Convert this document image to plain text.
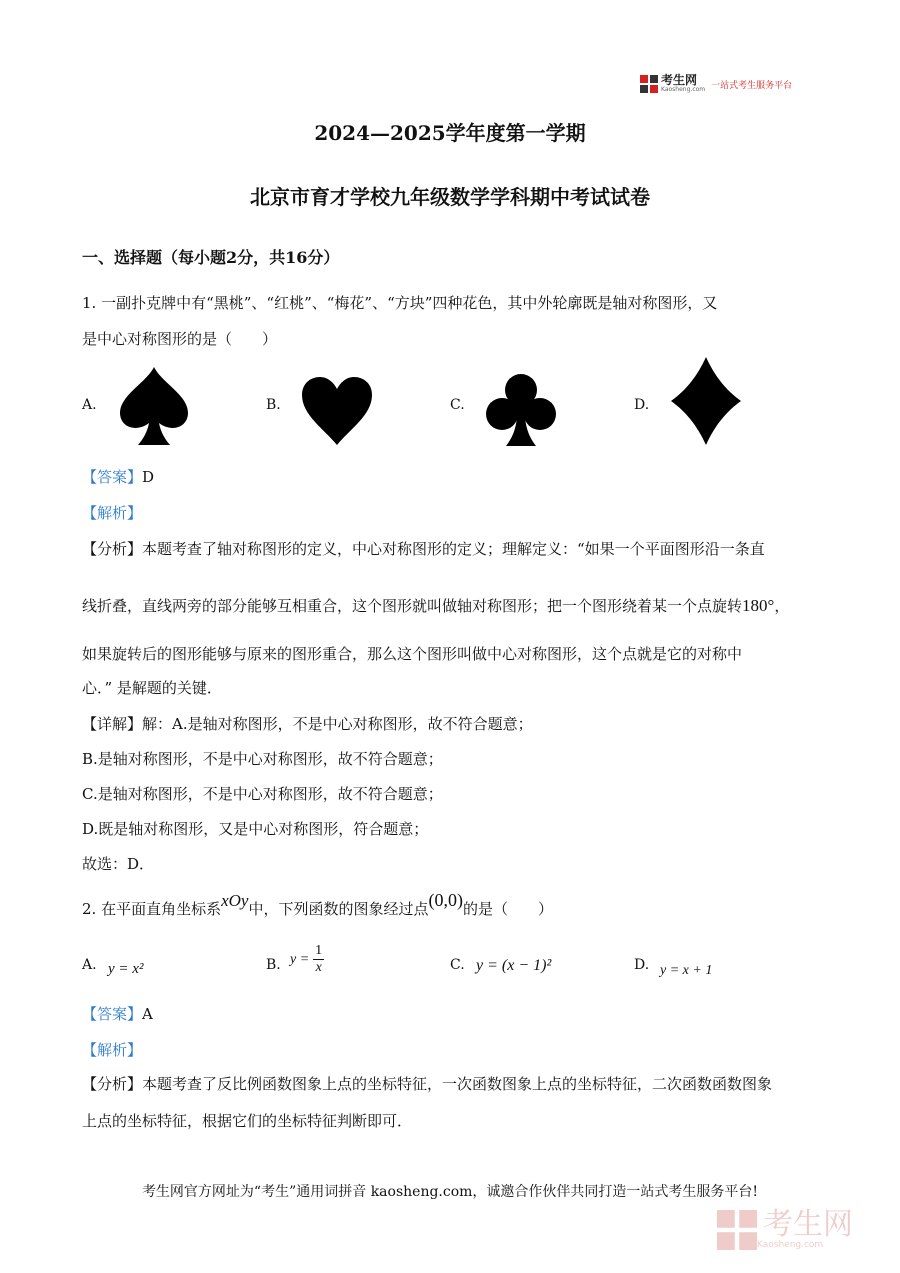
考生网
Kaosheng.com 一站式考生服务平台
2024—2025学年度第一学期
北京市育才学校九年级数学学科期中考试试卷
一、选择题（每小题2分，共16分）
1. 一副扑克牌中有“黑桃”、“红桃”、“梅花”、“方块”四种花色，其中外轮廓既是轴对称图形，又
是中心对称图形的是（　　）
A.	B.	C.	D.
【答案】D
【解析】
【分析】本题考查了轴对称图形的定义，中心对称图形的定义；理解定义：“如果一个平面图形沿一条直
线折叠，直线两旁的部分能够互相重合，这个图形就叫做轴对称图形；把一个图形绕着某一个点旋转180°，
如果旋转后的图形能够与原来的图形重合，那么这个图形叫做中心对称图形，这个点就是它的对称中
心．” 是解题的关键．
【详解】解：A.是轴对称图形，不是中心对称图形，故不符合题意；
B.是轴对称图形，不是中心对称图形，故不符合题意；
C.是轴对称图形，不是中心对称图形，故不符合题意；
D.既是轴对称图形，又是中心对称图形，符合题意；
故选：D．
2. 在平面直角坐标系xOy中，下列函数的图象经过点(0,0)的是（　　）
A. y = x²	B. $y = \frac{1}{x}$	C. y = (x − 1)²	D. y = x + 1
【答案】A
【解析】
【分析】本题考查了反比例函数图象上点的坐标特征，一次函数图象上点的坐标特征，二次函数函数图象
上点的坐标特征，根据它们的坐标特征判断即可．
考生网官方网址为“考生”通用词拼音 kaosheng.com，诚邀合作伙伴共同打造一站式考生服务平台!
考生网
Kaosheng.com
